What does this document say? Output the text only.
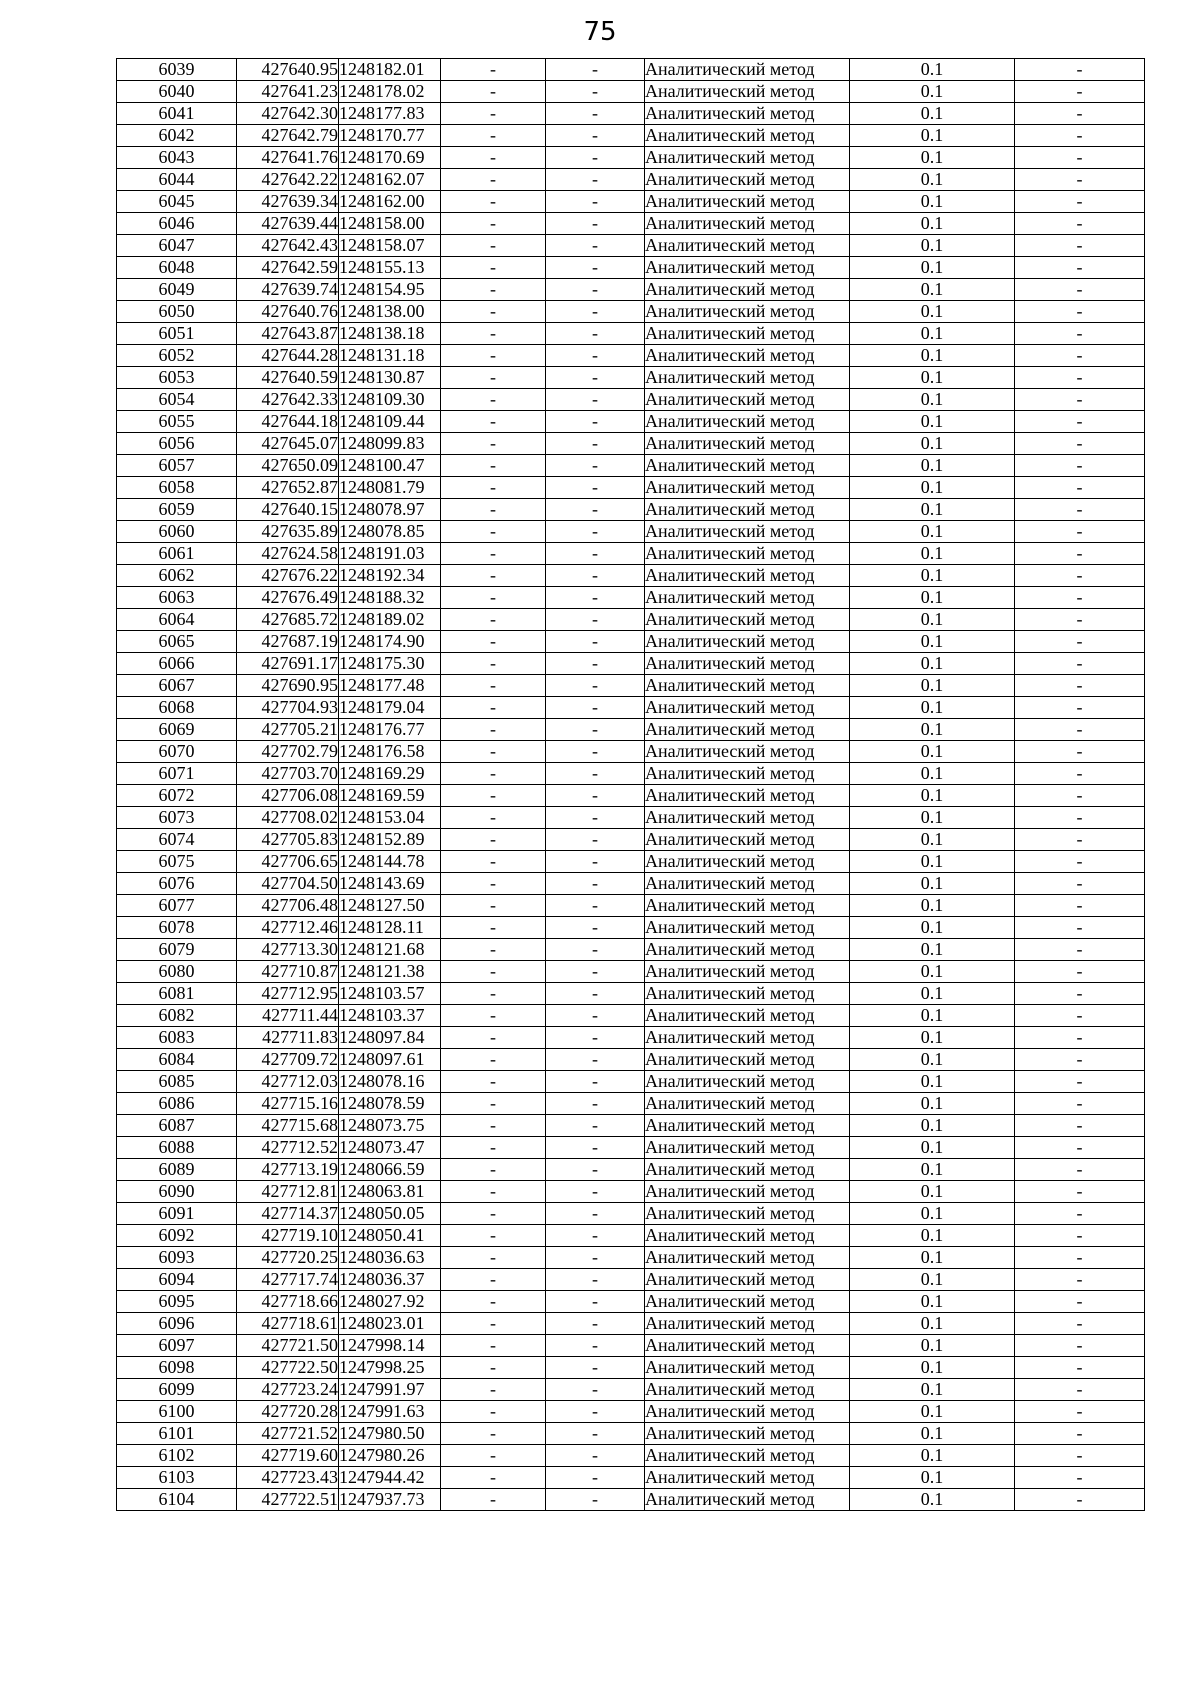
75
6039	427640.95	1248182.01	-	-	Аналитический метод	0.1	-
6040	427641.23	1248178.02	-	-	Аналитический метод	0.1	-
6041	427642.30	1248177.83	-	-	Аналитический метод	0.1	-
6042	427642.79	1248170.77	-	-	Аналитический метод	0.1	-
6043	427641.76	1248170.69	-	-	Аналитический метод	0.1	-
6044	427642.22	1248162.07	-	-	Аналитический метод	0.1	-
6045	427639.34	1248162.00	-	-	Аналитический метод	0.1	-
6046	427639.44	1248158.00	-	-	Аналитический метод	0.1	-
6047	427642.43	1248158.07	-	-	Аналитический метод	0.1	-
6048	427642.59	1248155.13	-	-	Аналитический метод	0.1	-
6049	427639.74	1248154.95	-	-	Аналитический метод	0.1	-
6050	427640.76	1248138.00	-	-	Аналитический метод	0.1	-
6051	427643.87	1248138.18	-	-	Аналитический метод	0.1	-
6052	427644.28	1248131.18	-	-	Аналитический метод	0.1	-
6053	427640.59	1248130.87	-	-	Аналитический метод	0.1	-
6054	427642.33	1248109.30	-	-	Аналитический метод	0.1	-
6055	427644.18	1248109.44	-	-	Аналитический метод	0.1	-
6056	427645.07	1248099.83	-	-	Аналитический метод	0.1	-
6057	427650.09	1248100.47	-	-	Аналитический метод	0.1	-
6058	427652.87	1248081.79	-	-	Аналитический метод	0.1	-
6059	427640.15	1248078.97	-	-	Аналитический метод	0.1	-
6060	427635.89	1248078.85	-	-	Аналитический метод	0.1	-
6061	427624.58	1248191.03	-	-	Аналитический метод	0.1	-
6062	427676.22	1248192.34	-	-	Аналитический метод	0.1	-
6063	427676.49	1248188.32	-	-	Аналитический метод	0.1	-
6064	427685.72	1248189.02	-	-	Аналитический метод	0.1	-
6065	427687.19	1248174.90	-	-	Аналитический метод	0.1	-
6066	427691.17	1248175.30	-	-	Аналитический метод	0.1	-
6067	427690.95	1248177.48	-	-	Аналитический метод	0.1	-
6068	427704.93	1248179.04	-	-	Аналитический метод	0.1	-
6069	427705.21	1248176.77	-	-	Аналитический метод	0.1	-
6070	427702.79	1248176.58	-	-	Аналитический метод	0.1	-
6071	427703.70	1248169.29	-	-	Аналитический метод	0.1	-
6072	427706.08	1248169.59	-	-	Аналитический метод	0.1	-
6073	427708.02	1248153.04	-	-	Аналитический метод	0.1	-
6074	427705.83	1248152.89	-	-	Аналитический метод	0.1	-
6075	427706.65	1248144.78	-	-	Аналитический метод	0.1	-
6076	427704.50	1248143.69	-	-	Аналитический метод	0.1	-
6077	427706.48	1248127.50	-	-	Аналитический метод	0.1	-
6078	427712.46	1248128.11	-	-	Аналитический метод	0.1	-
6079	427713.30	1248121.68	-	-	Аналитический метод	0.1	-
6080	427710.87	1248121.38	-	-	Аналитический метод	0.1	-
6081	427712.95	1248103.57	-	-	Аналитический метод	0.1	-
6082	427711.44	1248103.37	-	-	Аналитический метод	0.1	-
6083	427711.83	1248097.84	-	-	Аналитический метод	0.1	-
6084	427709.72	1248097.61	-	-	Аналитический метод	0.1	-
6085	427712.03	1248078.16	-	-	Аналитический метод	0.1	-
6086	427715.16	1248078.59	-	-	Аналитический метод	0.1	-
6087	427715.68	1248073.75	-	-	Аналитический метод	0.1	-
6088	427712.52	1248073.47	-	-	Аналитический метод	0.1	-
6089	427713.19	1248066.59	-	-	Аналитический метод	0.1	-
6090	427712.81	1248063.81	-	-	Аналитический метод	0.1	-
6091	427714.37	1248050.05	-	-	Аналитический метод	0.1	-
6092	427719.10	1248050.41	-	-	Аналитический метод	0.1	-
6093	427720.25	1248036.63	-	-	Аналитический метод	0.1	-
6094	427717.74	1248036.37	-	-	Аналитический метод	0.1	-
6095	427718.66	1248027.92	-	-	Аналитический метод	0.1	-
6096	427718.61	1248023.01	-	-	Аналитический метод	0.1	-
6097	427721.50	1247998.14	-	-	Аналитический метод	0.1	-
6098	427722.50	1247998.25	-	-	Аналитический метод	0.1	-
6099	427723.24	1247991.97	-	-	Аналитический метод	0.1	-
6100	427720.28	1247991.63	-	-	Аналитический метод	0.1	-
6101	427721.52	1247980.50	-	-	Аналитический метод	0.1	-
6102	427719.60	1247980.26	-	-	Аналитический метод	0.1	-
6103	427723.43	1247944.42	-	-	Аналитический метод	0.1	-
6104	427722.51	1247937.73	-	-	Аналитический метод	0.1	-
